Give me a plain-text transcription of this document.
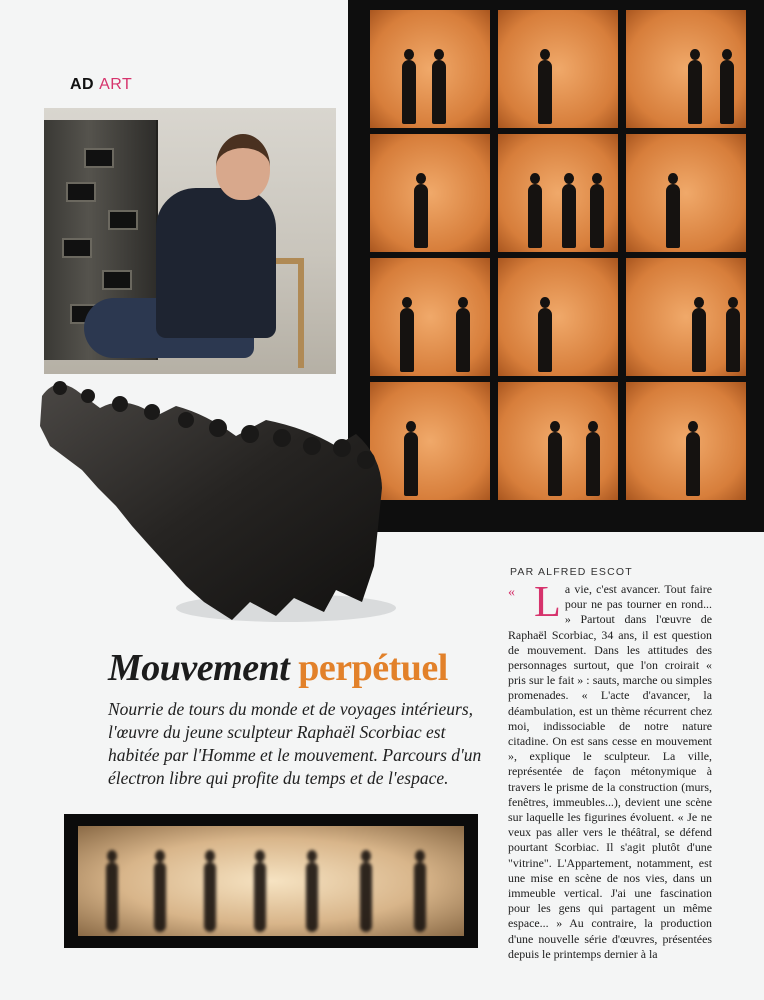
AD ART
Mouvement perpétuel

Nourrie de tours du monde et de voyages intérieurs, l'œuvre du jeune sculpteur Raphaël Scorbiac est habitée par l'Homme et le mouvement. Parcours d'un électron libre qui profite du temps et de l'espace.

PAR ALFRED ESCOT
« L a vie, c'est avancer. Tout faire pour ne pas tourner en rond... » Partout dans l'œuvre de Raphaël Scorbiac, 34 ans, il est question de mouvement. Dans les attitudes des personnages surtout, que l'on croirait « pris sur le fait » : sauts, marche ou simples promenades. « L'acte d'avancer, la déambulation, est un thème récurrent chez moi, indissociable de notre nature citadine. On est sans cesse en mouvement », explique le sculpteur. La ville, représentée de façon métonymique à travers le prisme de la construction (murs, fenêtres, immeubles...), devient une scène sur laquelle les figurines évoluent. « Je ne veux pas aller vers le théâtral, se défend pourtant Scorbiac. Il s'agit plutôt d'une "vitrine". L'Appartement, notamment, est une mise en scène de nos vies, dans un immeuble vertical. J'ai une fascination pour les gens qui partagent un même espace... » Au contraire, la production d'une nouvelle série d'œuvres, présentées depuis le printemps dernier à la
